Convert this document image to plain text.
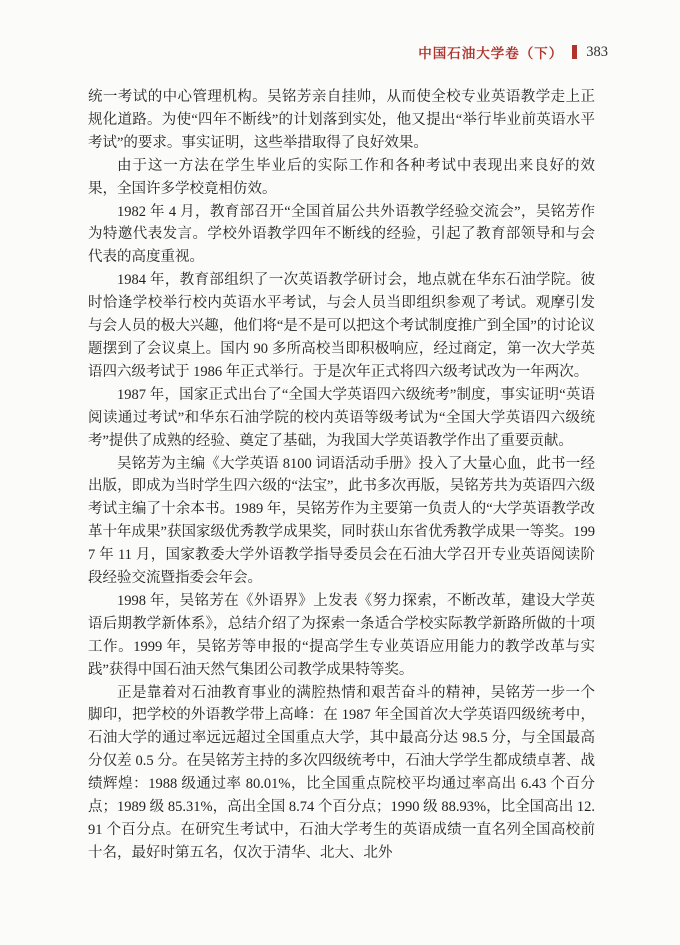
中国石油大学卷（下） 383

统一考试的中心管理机构。吴铭芳亲自挂帅，从而使全校专业英语教学走上正规化道路。为使“四年不断线”的计划落到实处，他又提出“举行毕业前英语水平考试”的要求。事实证明，这些举措取得了良好效果。

由于这一方法在学生毕业后的实际工作和各种考试中表现出来良好的效果，全国许多学校竟相仿效。

1982 年 4 月，教育部召开“全国首届公共外语教学经验交流会”，吴铭芳作为特邀代表发言。学校外语教学四年不断线的经验，引起了教育部领导和与会代表的高度重视。

1984 年，教育部组织了一次英语教学研讨会，地点就在华东石油学院。彼时恰逢学校举行校内英语水平考试，与会人员当即组织参观了考试。观摩引发与会人员的极大兴趣，他们将“是不是可以把这个考试制度推广到全国”的讨论议题摆到了会议桌上。国内 90 多所高校当即积极响应，经过商定，第一次大学英语四六级考试于 1986 年正式举行。于是次年正式将四六级考试改为一年两次。

1987 年，国家正式出台了“全国大学英语四六级统考”制度，事实证明“英语阅读通过考试”和华东石油学院的校内英语等级考试为“全国大学英语四六级统考”提供了成熟的经验、奠定了基础，为我国大学英语教学作出了重要贡献。

吴铭芳为主编《大学英语 8100 词语活动手册》投入了大量心血，此书一经出版，即成为当时学生四六级的“法宝”，此书多次再版，吴铭芳共为英语四六级考试主编了十余本书。1989 年，吴铭芳作为主要第一负责人的“大学英语教学改革十年成果”获国家级优秀教学成果奖，同时获山东省优秀教学成果一等奖。1997 年 11 月，国家教委大学外语教学指导委员会在石油大学召开专业英语阅读阶段经验交流暨指委会年会。

1998 年，吴铭芳在《外语界》上发表《努力探索，不断改革，建设大学英语后期教学新体系》，总结介绍了为探索一条适合学校实际教学新路所做的十项工作。1999 年，吴铭芳等申报的“提高学生专业英语应用能力的教学改革与实践”获得中国石油天然气集团公司教学成果特等奖。

正是靠着对石油教育事业的满腔热情和艰苦奋斗的精神，吴铭芳一步一个脚印，把学校的外语教学带上高峰：在 1987 年全国首次大学英语四级统考中，石油大学的通过率远远超过全国重点大学，其中最高分达 98.5 分，与全国最高分仅差 0.5 分。在吴铭芳主持的多次四级统考中，石油大学学生都成绩卓著、战绩辉煌：1988 级通过率 80.01%，比全国重点院校平均通过率高出 6.43 个百分点；1989 级 85.31%，高出全国 8.74 个百分点；1990 级 88.93%，比全国高出 12.91 个百分点。在研究生考试中，石油大学考生的英语成绩一直名列全国高校前十名，最好时第五名，仅次于清华、北大、北外
